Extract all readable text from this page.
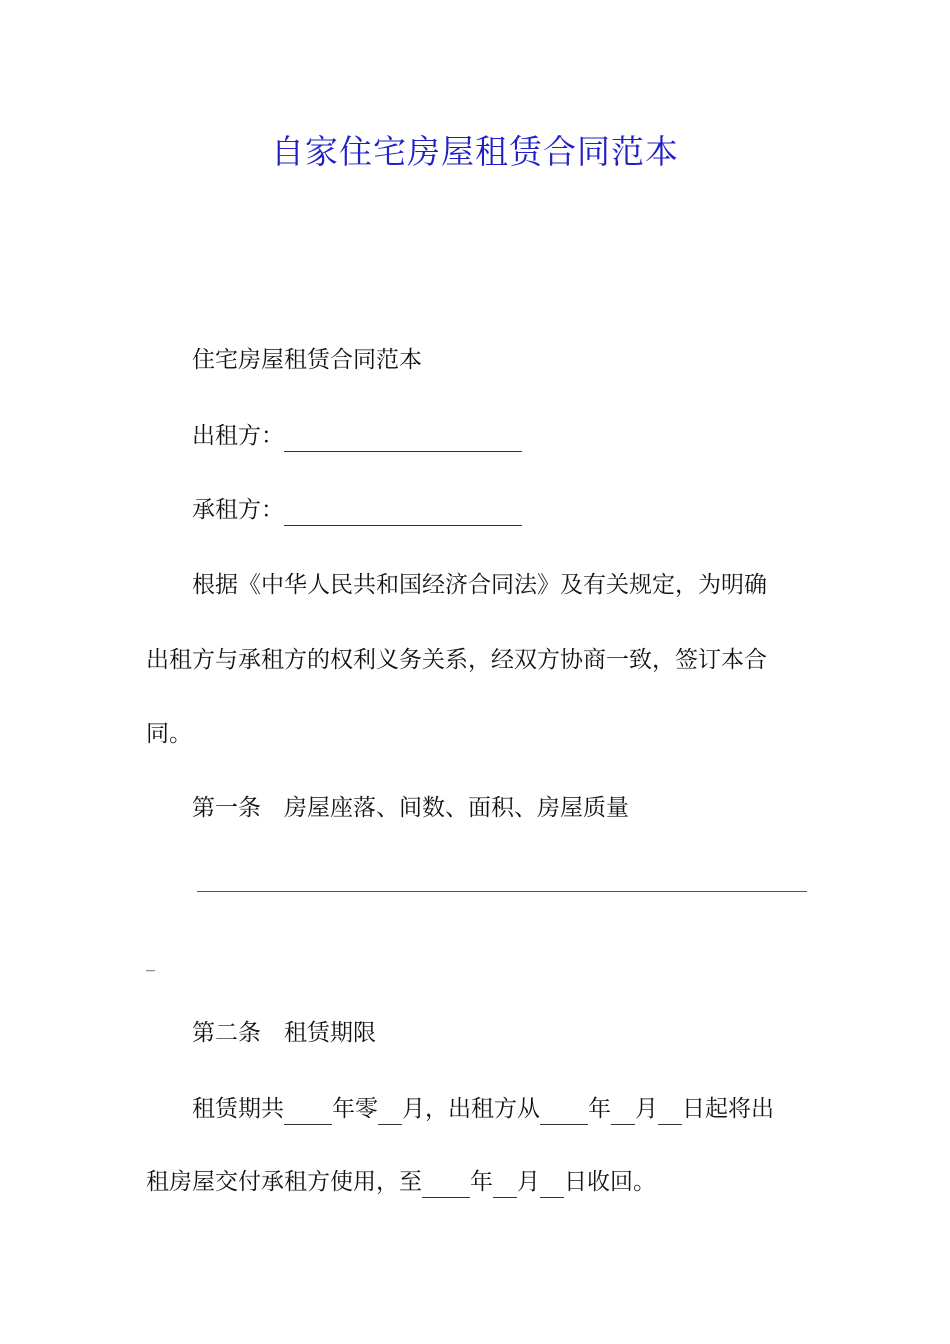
自家住宅房屋租赁合同范本
住宅房屋租赁合同范本
出租方：
承租方：
根据《中华人民共和国经济合同法》及有关规定，为明确
出租方与承租方的权利义务关系，经双方协商一致，签订本合
同。
第一条　房屋座落、间数、面积、房屋质量
_
第二条　租赁期限
租赁期共 年零 月，出租方从 年 月 日起将出
租房屋交付承租方使用，至 年 月 日收回。
